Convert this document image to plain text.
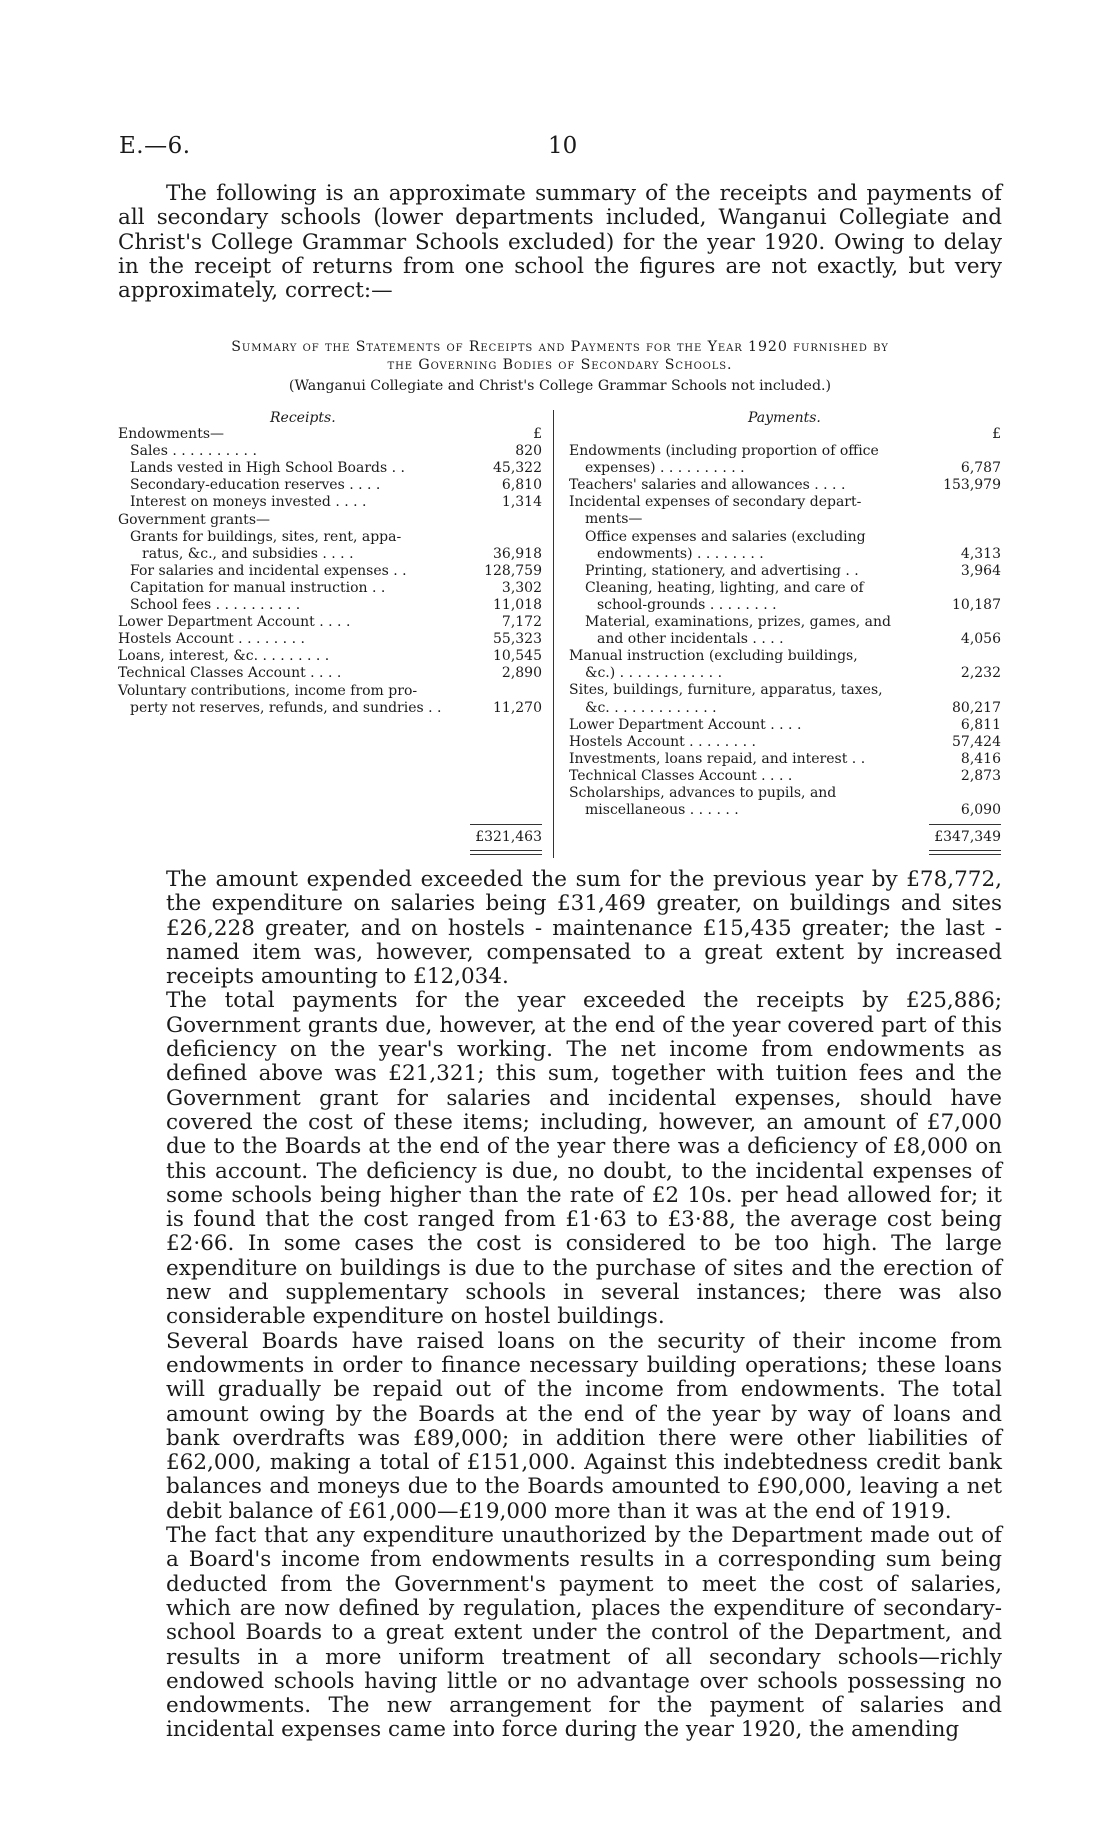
E.—6.	10

The following is an approximate summary of the receipts and payments of all secondary schools (lower departments included, Wanganui Collegiate and Christ's College Grammar Schools excluded) for the year 1920. Owing to delay in the receipt of returns from one school the figures are not exactly, but very approximately, correct:—

Summary of the Statements of Receipts and Payments for the Year 1920 furnished by
the Governing Bodies of Secondary Schools.
(Wanganui Collegiate and Christ's College Grammar Schools not included.)
Receipts.	Payments.
£
Endowments—
Sales . . . . . . . . . .	820
Lands vested in High School Boards . .	45,322
Secondary-education reserves . . . .	6,810
Interest on moneys invested . . . .	1,314
Government grants—
Grants for buildings, sites, rent, appa-
ratus, &c., and subsidies . . . .	36,918
For salaries and incidental expenses . .	128,759
Capitation for manual instruction . .	3,302
School fees . . . . . . . . . .	11,018
Lower Department Account . . . .	7,172
Hostels Account . . . . . . . .	55,323
Loans, interest, &c. . . . . . . . .	10,545
Technical Classes Account . . . .	2,890
Voluntary contributions, income from pro-
perty not reserves, refunds, and sundries . .	11,270
£321,463
£
Endowments (including proportion of office
expenses) . . . . . . . . . .	6,787
Teachers' salaries and allowances . . . .	153,979
Incidental expenses of secondary depart-
ments—
Office expenses and salaries (excluding
endowments) . . . . . . . .	4,313
Printing, stationery, and advertising . .	3,964
Cleaning, heating, lighting, and care of
school-grounds . . . . . . . .	10,187
Material, examinations, prizes, games, and
and other incidentals . . . .	4,056
Manual instruction (excluding buildings,
&c.) . . . . . . . . . . . .	2,232
Sites, buildings, furniture, apparatus, taxes,
&c. . . . . . . . . . . . .	80,217
Lower Department Account . . . .	6,811
Hostels Account . . . . . . . .	57,424
Investments, loans repaid, and interest . .	8,416
Technical Classes Account . . . .	2,873
Scholarships, advances to pupils, and
miscellaneous . . . . . .	6,090
£347,349
The amount expended exceeded the sum for the previous year by £78,772, the expenditure on salaries being £31,469 greater, on buildings and sites £26,228 greater, and on hostels - maintenance £15,435 greater; the last - named item was, however, compensated to a great extent by increased receipts amounting to £12,034.
The total payments for the year exceeded the receipts by £25,886; Government grants due, however, at the end of the year covered part of this deficiency on the year's working. The net income from endowments as defined above was £21,321; this sum, together with tuition fees and the Government grant for salaries and incidental expenses, should have covered the cost of these items; including, however, an amount of £7,000 due to the Boards at the end of the year there was a deficiency of £8,000 on this account. The deficiency is due, no doubt, to the incidental expenses of some schools being higher than the rate of £2 10s. per head allowed for; it is found that the cost ranged from £1·63 to £3·88, the average cost being £2·66. In some cases the cost is considered to be too high. The large expenditure on buildings is due to the purchase of sites and the erection of new and supplementary schools in several instances; there was also considerable expenditure on hostel buildings.
Several Boards have raised loans on the security of their income from endowments in order to finance necessary building operations; these loans will gradually be repaid out of the income from endowments. The total amount owing by the Boards at the end of the year by way of loans and bank overdrafts was £89,000; in addition there were other liabilities of £62,000, making a total of £151,000. Against this indebtedness credit bank balances and moneys due to the Boards amounted to £90,000, leaving a net debit balance of £61,000—£19,000 more than it was at the end of 1919.
The fact that any expenditure unauthorized by the Department made out of a Board's income from endowments results in a corresponding sum being deducted from the Government's payment to meet the cost of salaries, which are now defined by regulation, places the expenditure of secondary-school Boards to a great extent under the control of the Department, and results in a more uniform treatment of all secondary schools—richly endowed schools having little or no advantage over schools possessing no endowments. The new arrangement for the payment of salaries and incidental expenses came into force during the year 1920, the amending
